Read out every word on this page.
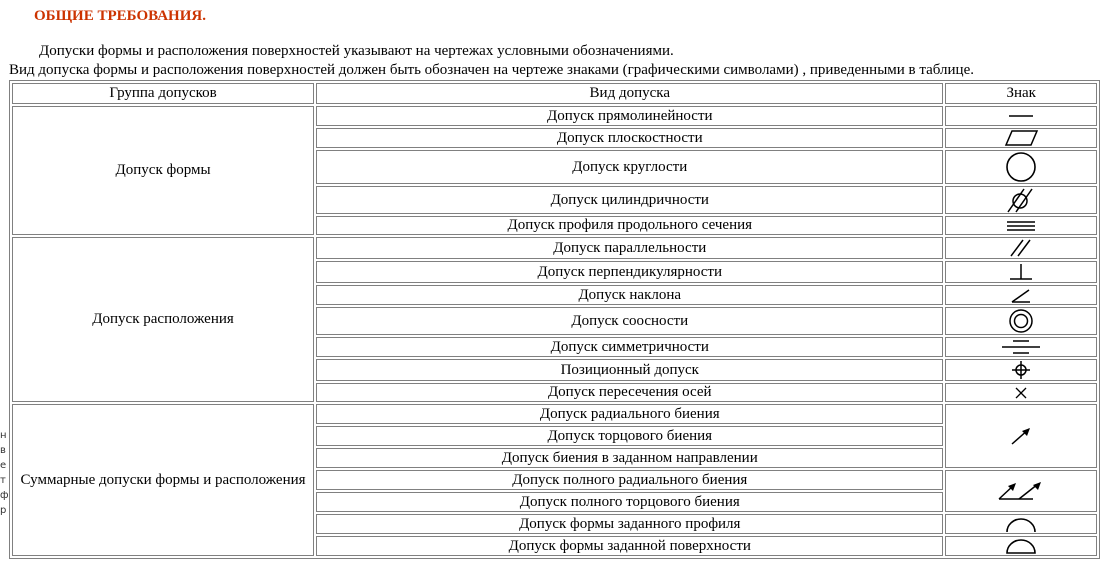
ОБЩИЕ ТРЕБОВАНИЯ.
Допуски формы и расположения поверхностей указывают на чертежах условными обозначениями.
Вид допуска формы и расположения поверхностей должен быть обозначен на чертеже знаками (графическими символами) , приведенными в таблице.
н
в
е
т
ф
р
Группа допусков	Вид допуска	Знак
Допуск формы	Допуск прямолинейности	

	Допуск плоскостности	

	Допуск круглости	

	Допуск цилиндричности	

	Допуск профиля продольного сечения	

Допуск расположения	Допуск параллельности	

	Допуск перпендикулярности	

	Допуск наклона	

	Допуск соосности	

	Допуск симметричности	

	Позиционный допуск	

	Допуск пересечения осей	

Суммарные допуски формы и расположения	Допуск радиального биения	

	Допуск торцового биения	
	Допуск биения в заданном направлении	
	Допуск полного радиального биения	

	Допуск полного торцового биения	
	Допуск формы заданного профиля	

	Допуск формы заданной поверхности	
